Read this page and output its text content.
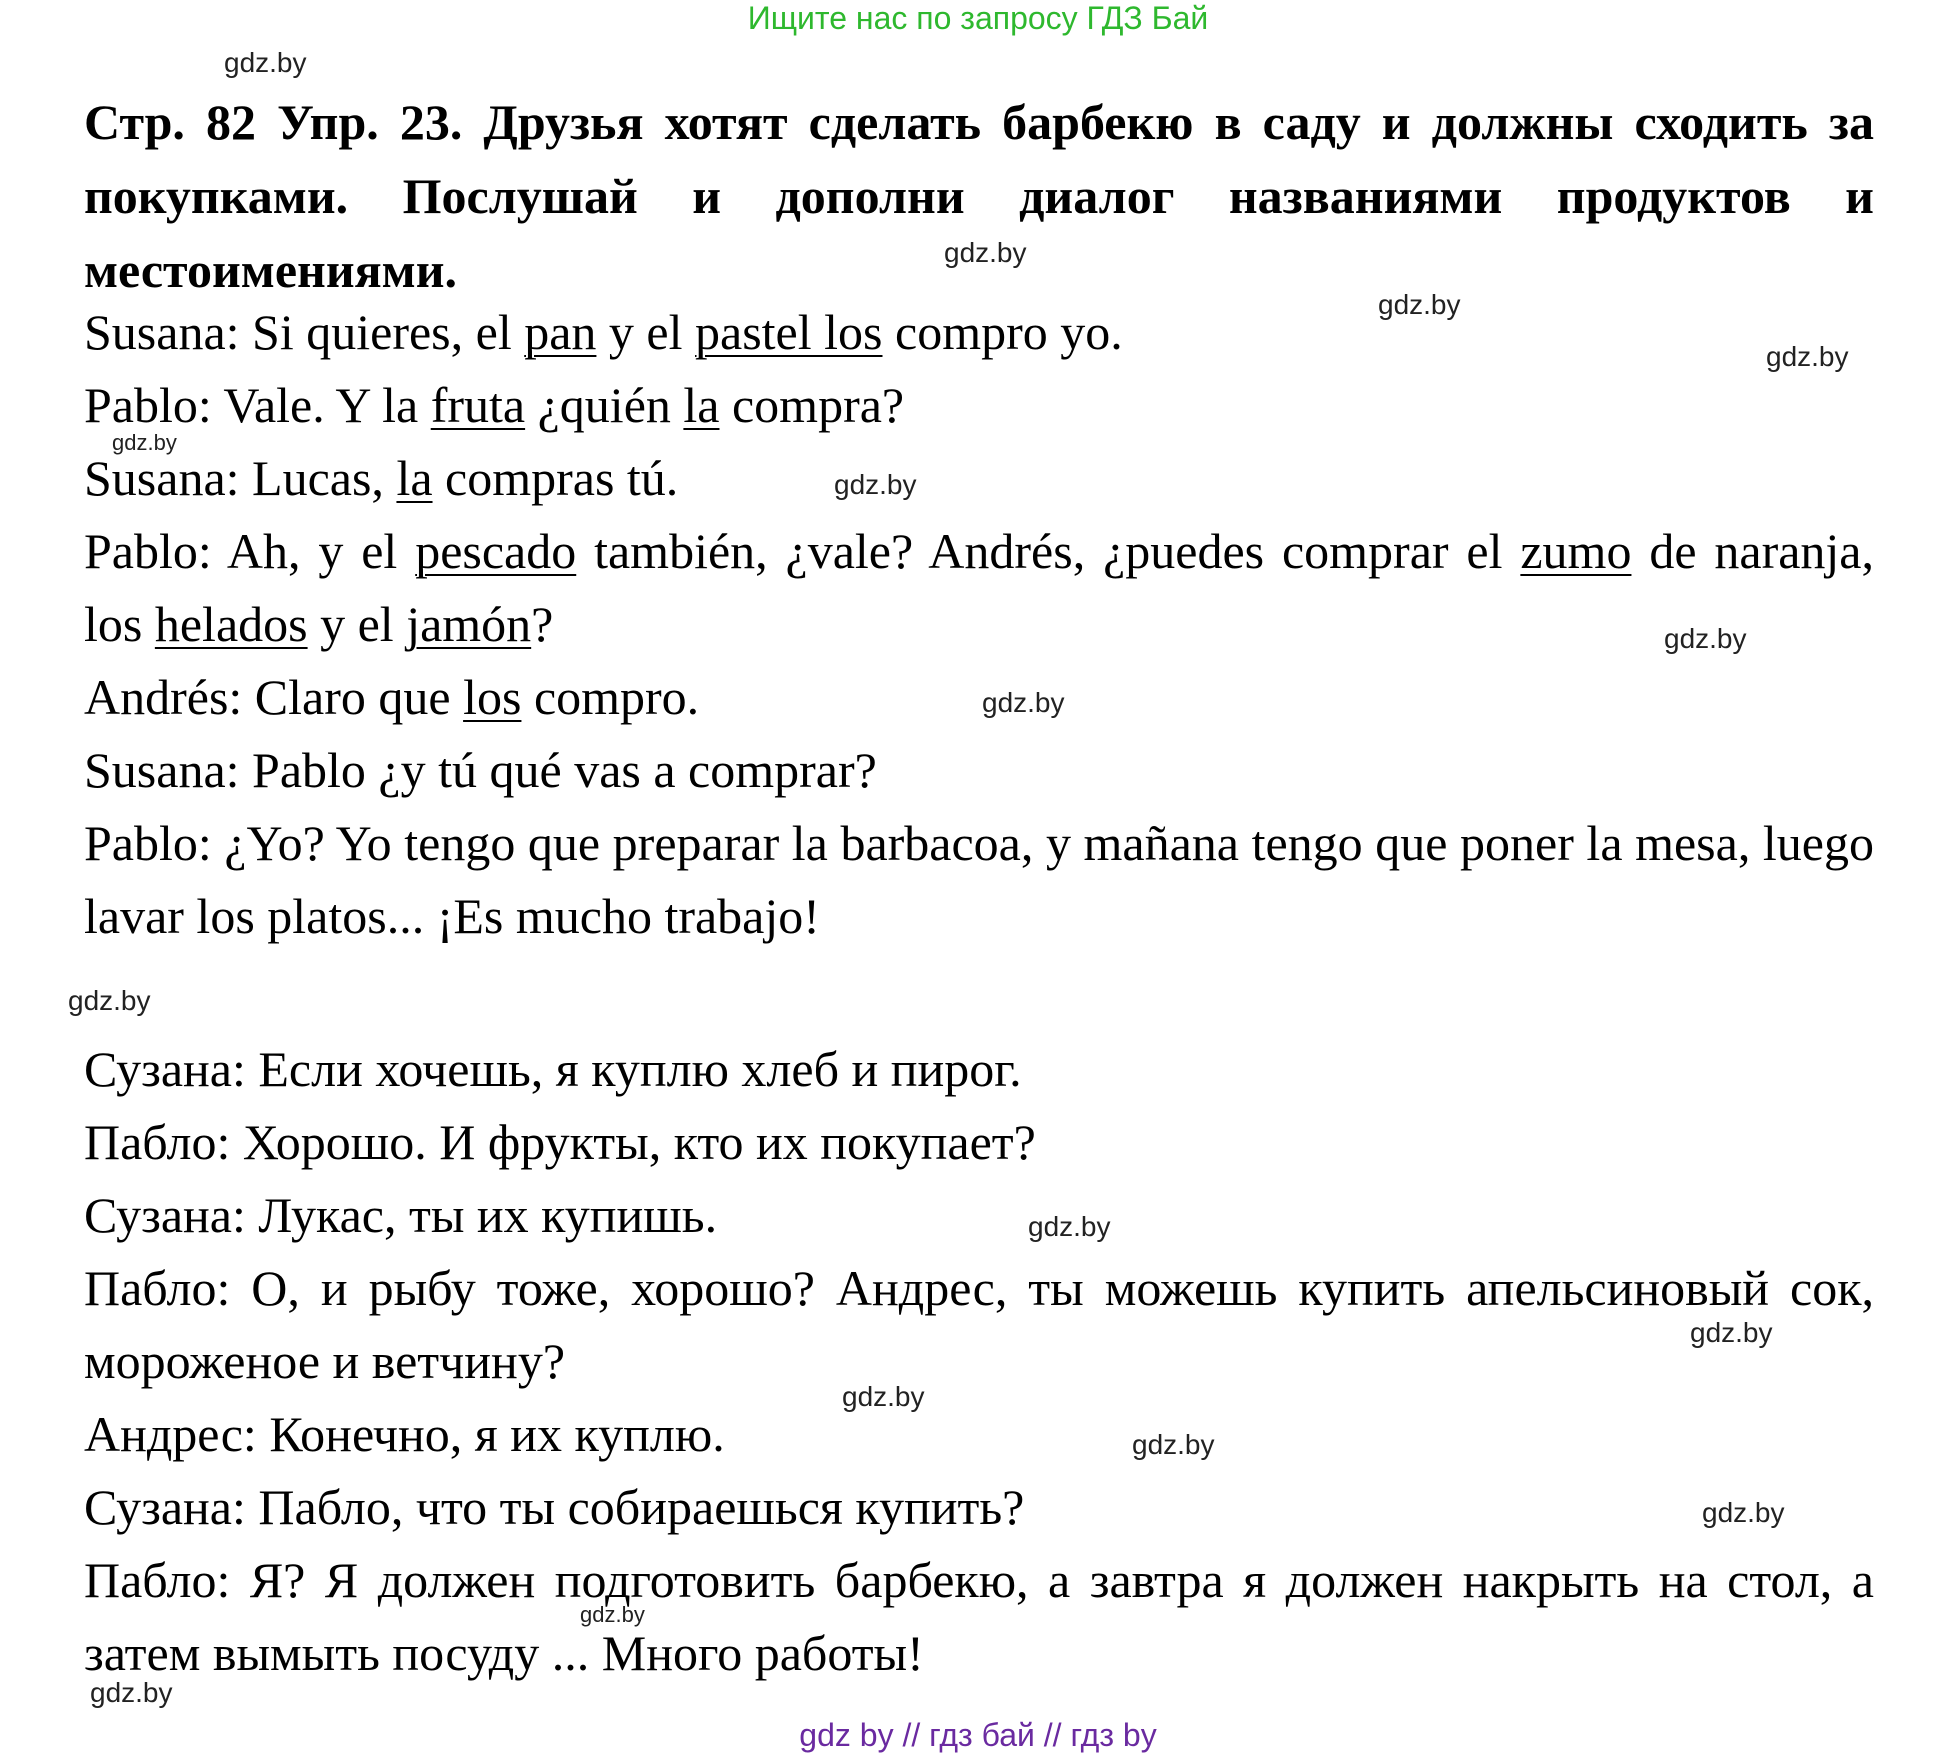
Ищите нас по запросу ГДЗ Бай

Стр. 82 Упр. 23. Друзья хотят сделать барбекю в саду и должны сходить за покупками. Послушай и дополни диалог названиями продуктов и местоимениями.

Susana: Si quieres, el pan y el pastel los compro yo.
Pablo: Vale. Y la fruta ¿quién la compra?
Susana: Lucas, la compras tú.
Pablo: Ah, y el pescado también, ¿vale? Andrés, ¿puedes comprar el zumo de naranja, los helados y el jamón?
Andrés: Claro que los compro.
Susana: Pablo ¿y tú qué vas a comprar?
Pablo: ¿Yo? Yo tengo que preparar la barbacoa, y mañana tengo que poner la mesa, luego lavar los platos... ¡Es mucho trabajo!
Сузана: Если хочешь, я куплю хлеб и пирог.
Пабло: Хорошо. И фрукты, кто их покупает?
Сузана: Лукас, ты их купишь.
Пабло: О, и рыбу тоже, хорошо? Андрес, ты можешь купить апельсиновый сок, мороженое и ветчину?
Андрес: Конечно, я их куплю.
Сузана: Пабло, что ты собираешься купить?
Пабло: Я? Я должен подготовить барбекю, а завтра я должен накрыть на стол, а затем вымыть посуду ... Много работы!
gdz.by
gdz.by
gdz.by
gdz.by
gdz.by
gdz.by
gdz.by
gdz.by
gdz.by
gdz.by
gdz.by
gdz.by
gdz.by
gdz.by
gdz.by
gdz.by
gdz by // гдз бай // гдз by
